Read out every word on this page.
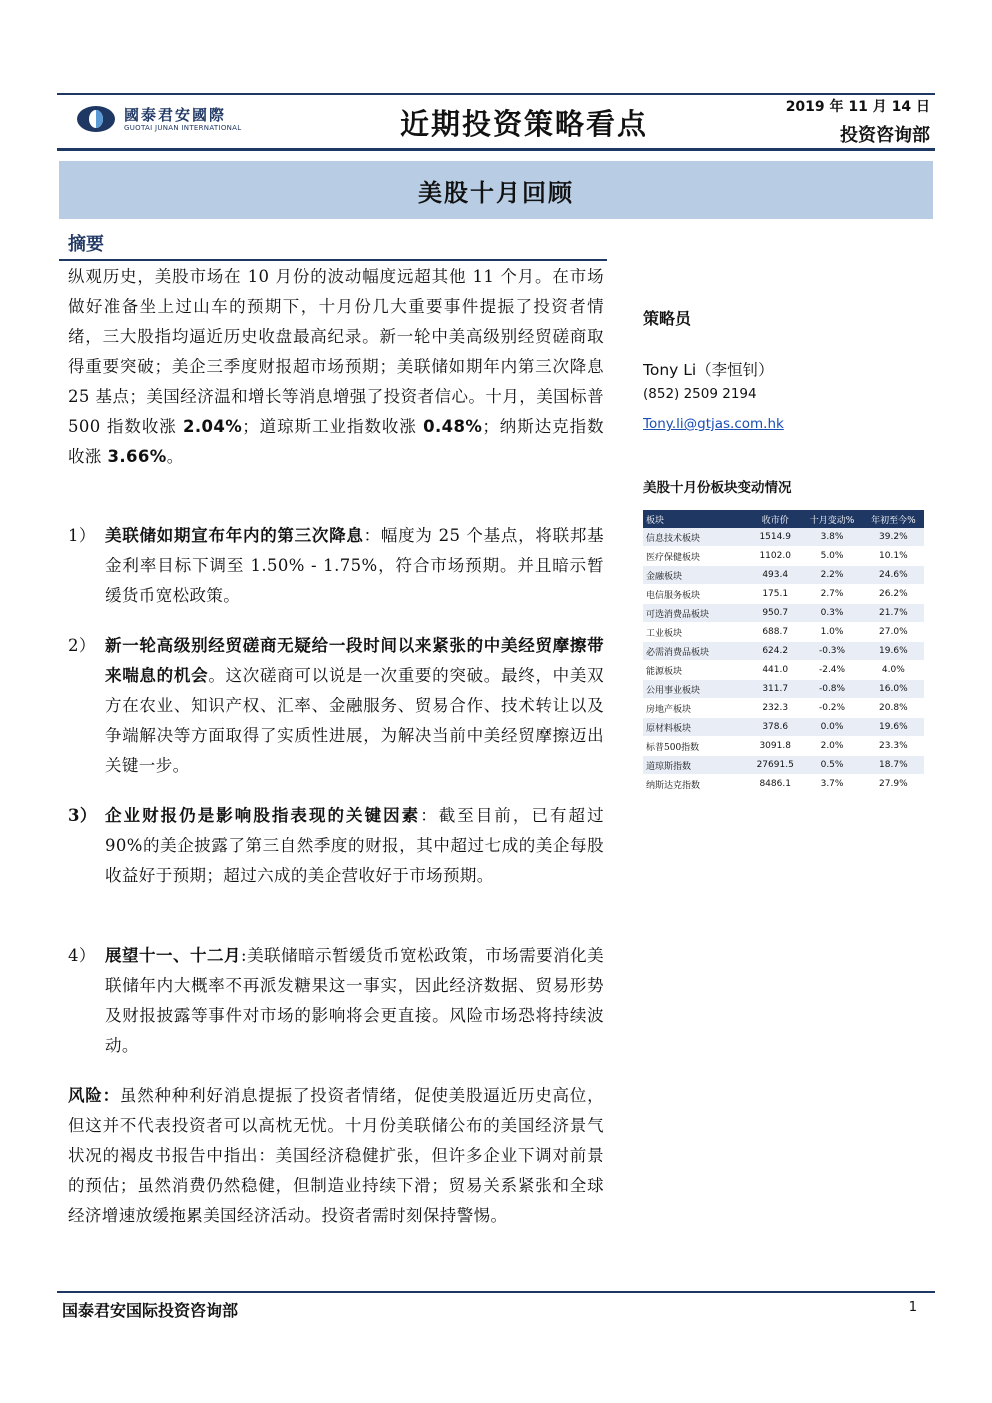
國泰君安國際
GUOTAI JUNAN INTERNATIONAL	近期投资策略看点	2019 年 11 月 14 日
投资咨询部
美股十月回顾
摘要
纵观历史，美股市场在 10 月份的波动幅度远超其他 11 个月。在市场做好准备坐上过山车的预期下，十月份几大重要事件提振了投资者情绪，三大股指均逼近历史收盘最高纪录。新一轮中美高级别经贸磋商取得重要突破；美企三季度财报超市场预期；美联储如期年内第三次降息 25 基点；美国经济温和增长等消息增强了投资者信心。十月，美国标普 500 指数收涨 2.04%；道琼斯工业指数收涨 0.48%；纳斯达克指数收涨 3.66%。
1） 美联储如期宣布年内的第三次降息：幅度为 25 个基点，将联邦基金利率目标下调至 1.50% - 1.75%，符合市场预期。并且暗示暂缓货币宽松政策。
2） 新一轮高级别经贸磋商无疑给一段时间以来紧张的中美经贸摩擦带来喘息的机会。这次磋商可以说是一次重要的突破。最终，中美双方在农业、知识产权、汇率、金融服务、贸易合作、技术转让以及争端解决等方面取得了实质性进展，为解决当前中美经贸摩擦迈出关键一步。
3） 企业财报仍是影响股指表现的关键因素：截至目前，已有超过 90%的美企披露了第三自然季度的财报，其中超过七成的美企每股收益好于预期；超过六成的美企营收好于市场预期。
4） 展望十一、十二月:美联储暗示暂缓货币宽松政策，市场需要消化美联储年内大概率不再派发糖果这一事实，因此经济数据、贸易形势及财报披露等事件对市场的影响将会更直接。风险市场恐将持续波动。
风险：虽然种种利好消息提振了投资者情绪，促使美股逼近历史高位，但这并不代表投资者可以高枕无忧。十月份美联储公布的美国经济景气状况的褐皮书报告中指出：美国经济稳健扩张，但许多企业下调对前景的预估；虽然消费仍然稳健，但制造业持续下滑；贸易关系紧张和全球经济增速放缓拖累美国经济活动。投资者需时刻保持警惕。
策略员
Tony Li（李恒钊）
(852) 2509 2194
Tony.li@gtjas.com.hk
美股十月份板块变动情况
板块	收市价	十月变动%	年初至今%
信息技术板块	1514.9	3.8%	39.2%
医疗保健板块	1102.0	5.0%	10.1%
金融板块	493.4	2.2%	24.6%
电信服务板块	175.1	2.7%	26.2%
可选消费品板块	950.7	0.3%	21.7%
工业板块	688.7	1.0%	27.0%
必需消费品板块	624.2	-0.3%	19.6%
能源板块	441.0	-2.4%	4.0%
公用事业板块	311.7	-0.8%	16.0%
房地产板块	232.3	-0.2%	20.8%
原材料板块	378.6	0.0%	19.6%
标普500指数	3091.8	2.0%	23.3%
道琼斯指数	27691.5	0.5%	18.7%
纳斯达克指数	8486.1	3.7%	27.9%
国泰君安国际投资咨询部	1
